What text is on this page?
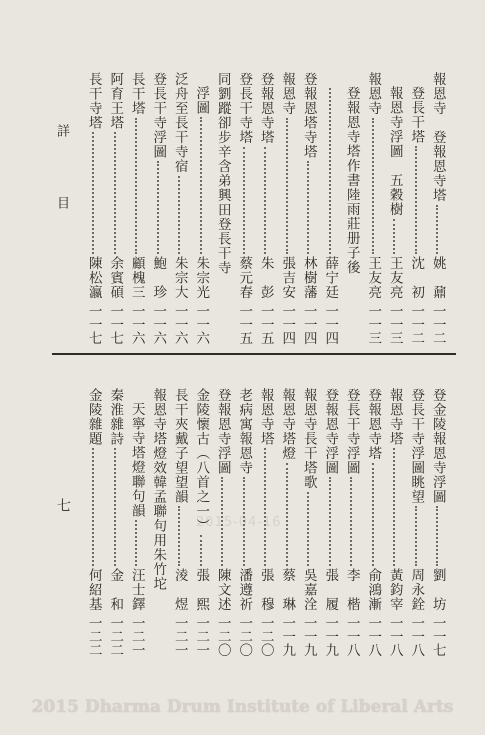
詳 目
七
2015-04-16
2015 Dharma Drum Institute of Liberal Arts
報恩寺　登報恩寺塔
姚　鼐
一一二
登長干塔
沈　初
一一二
報恩寺浮圖　五穀樹
王友亮
一一三
報恩寺
王友亮
一一三
登報恩寺塔作書陸雨莊册子後
薛宁廷
一一四
登報恩塔寺塔
林樹藩
一一四
報恩寺
張吉安
一一四
登報恩寺塔
朱　彭
一一五
登長干寺塔
蔡元春
一一五
同劉蹤卻步辛含弟興田登長干寺
浮圖
朱宗光
一一六
泛舟至長干寺宿
朱宗大
一一六
登長干寺浮圖
鮑　珍
一一六
長干塔
顧槐三
一一六
阿育王塔
余賓碩
一一七
長干寺塔
陳松瀛
一一七
登金陵報恩寺浮圖
劉　坊
一一七
登長干寺浮圖眺望
周永銓
一一八
報恩寺塔
黃鈞宰
一一八
登報恩寺塔
俞鴻漸
一一八
登長干寺浮圖
李　楷
一一八
登報恩寺浮圖
張　履
一一九
報恩寺長干塔歌
吳嘉洤
一一九
報恩寺塔燈
蔡　琳
一一九
報恩寺塔
張　穆
一二〇
老病寓報恩寺
潘遵祈
一二〇
登報恩寺浮圖
陳文述
一二〇
金陵懷古（八首之一）
張　熙
一二一
長干夾戴子望望韻
淩　煜
一二一
報恩寺塔燈效韓孟聯句用朱竹坨
天寧寺塔燈聯句韻
汪士鐸
一二一
秦淮雜詩
金　和
一二二
金陵雜題
何紹基
一二二
